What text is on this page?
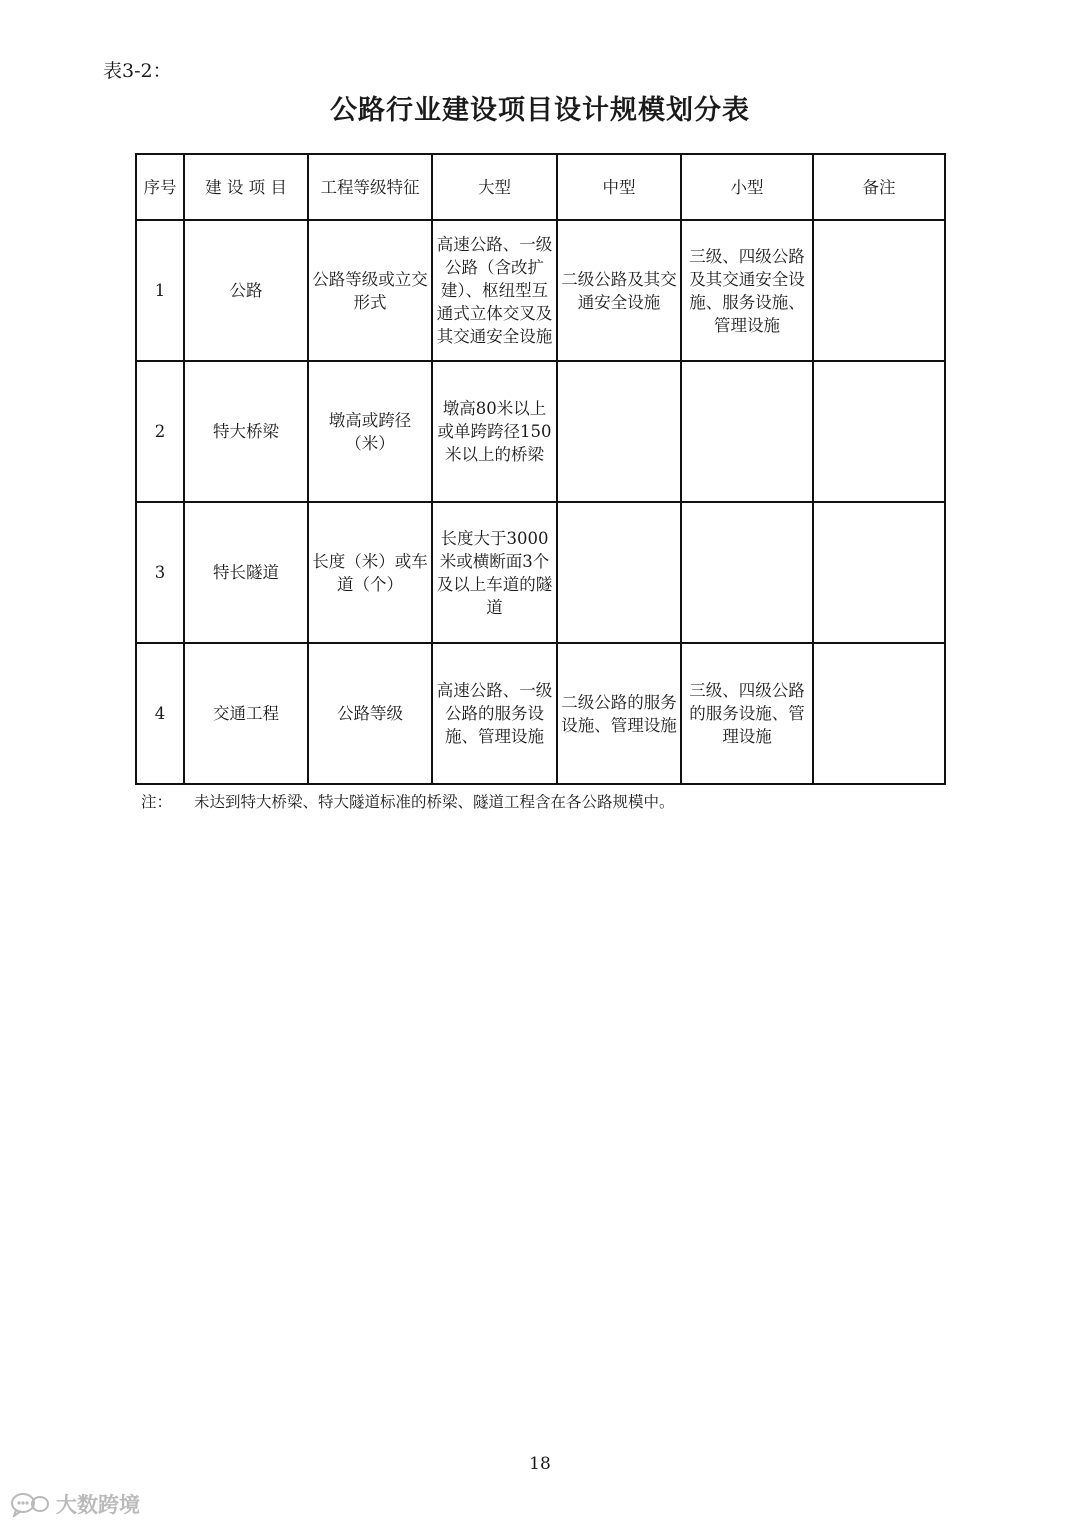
表3-2：
公路行业建设项目设计规模划分表
序号	建 设 项 目	工程等级特征	大型	中型	小型	备注
1	公路	公路等级或立交形式	高速公路、一级公路（含改扩建）、枢纽型互通式立体交叉及其交通安全设施	二级公路及其交通安全设施	三级、四级公路及其交通安全设施、服务设施、管理设施	
2	特大桥梁	墩高或跨径（米）	墩高80米以上或单跨跨径150米以上的桥梁			
3	特长隧道	长度（米）或车道（个）	长度大于3000米或横断面3个及以上车道的隧道			
4	交通工程	公路等级	高速公路、一级公路的服务设施、管理设施	二级公路的服务设施、管理设施	三级、四级公路的服务设施、管理设施	
注： 未达到特大桥梁、特大隧道标准的桥梁、隧道工程含在各公路规模中。
18
大数跨境
